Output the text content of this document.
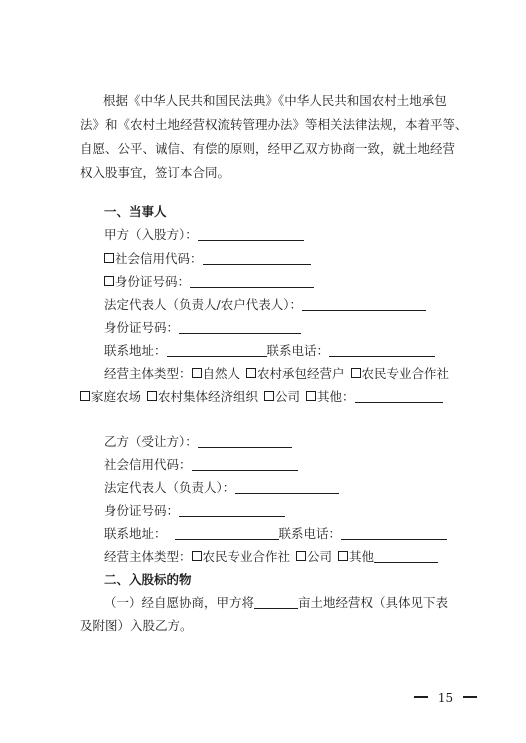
根据《中华人民共和国民法典》《中华人民共和国农村土地承包
法》和《农村土地经营权流转管理办法》等相关法律法规，本着平等、
自愿、公平、诚信、有偿的原则，经甲乙双方协商一致，就土地经营
权入股事宜，签订本合同。
一、当事人
甲方（入股方）：
社会信用代码：
身份证号码：
法定代表人（负责人/农户代表人）：
身份证号码：
联系地址：	联系电话：
经营主体类型： 自然人 农村承包经营户 农民专业合作社
家庭农场 农村集体经济组织 公司 其他：
乙方（受让方）：
社会信用代码：
法定代表人（负责人）：
身份证号码：
联系地址：	联系电话：
经营主体类型： 农民专业合作社 公司 其他
二、入股标的物
（一）经自愿协商，甲方将	亩土地经营权（具体见下表
及附图）入股乙方。
15
